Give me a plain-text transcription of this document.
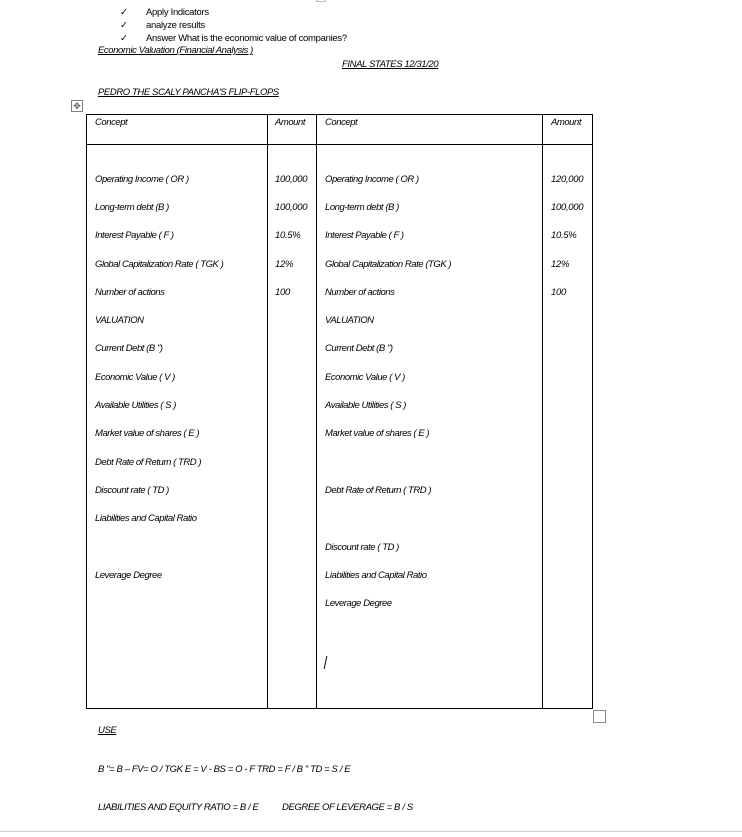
✓ Apply Indicators
✓ analyze results
✓ Answer What is the economic value of companies?
Economic Valuation (Financial Analysis )
FINAL STATES 12/31/20
PEDRO THE SCALY PANCHA'S FLIP-FLOPS
✥
Concept	Amount Concept	Amount
Operating Income ( OR )
Long-term debt (B )
Interest Payable ( F )
Global Capitalization Rate ( TGK )
Number of actions
VALUATION
Current Debt (B ")
Economic Value ( V )
Available Utilities ( S )
Market value of shares ( E )
Debt Rate of Return ( TRD )
Discount rate ( TD )
Liabilities and Capital Ratio
Leverage Degree
100,000
100,000
10.5%
12%
100
Operating Income ( OR )
Long-term debt (B )
Interest Payable ( F )
Global Capitalization Rate (TGK )
Number of actions
VALUATION
Current Debt (B ")
Economic Value ( V )
Available Utilities ( S )
Market value of shares ( E )
Debt Rate of Return ( TRD )
Discount rate ( TD )
Liabilities and Capital Ratio
Leverage Degree
120,000
100,000
10.5%
12%
100
USE
B "= B – FV= O / TGK E = V - BS = O - F TRD = F / B " TD = S / E
LIABILITIES AND EQUITY RATIO = B / E DEGREE OF LEVERAGE = B / S
